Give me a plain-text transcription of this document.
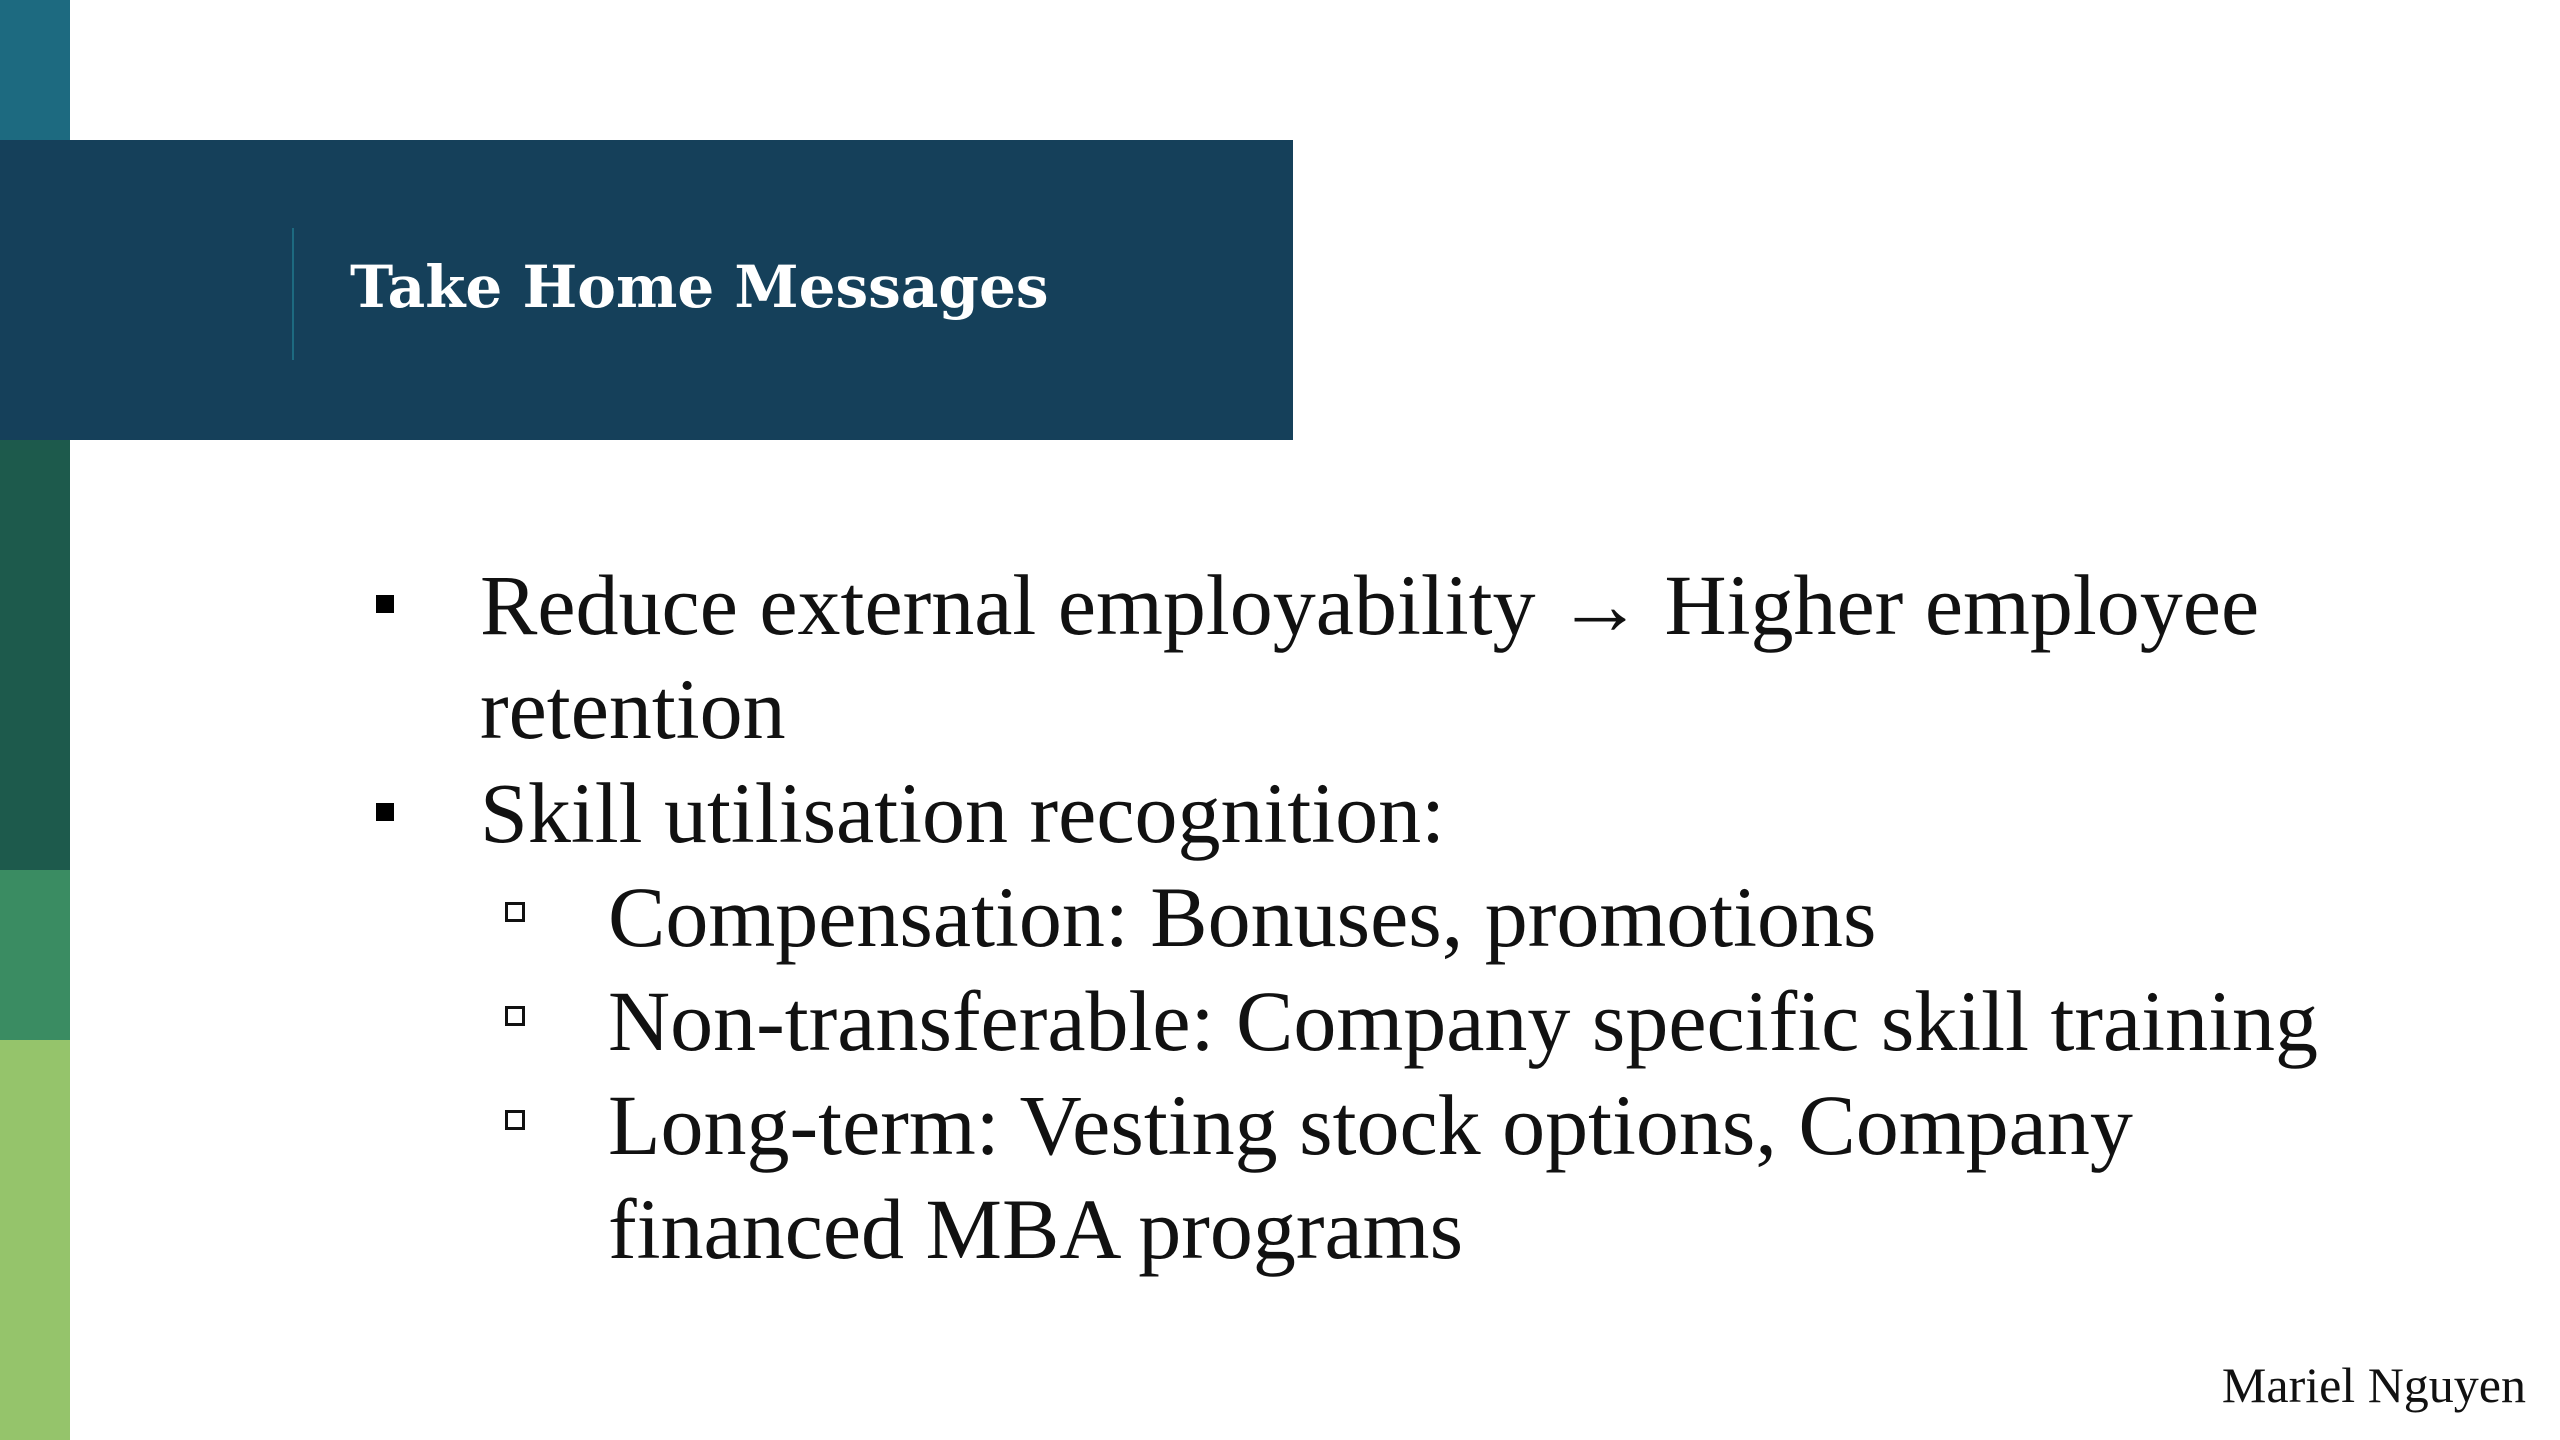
Take Home Messages
Reduce external employability → Higher employee
retention
Skill utilisation recognition:
Compensation: Bonuses, promotions
Non-transferable: Company specific skill training
Long-term: Vesting stock options, Company
financed MBA programs
Mariel Nguyen
